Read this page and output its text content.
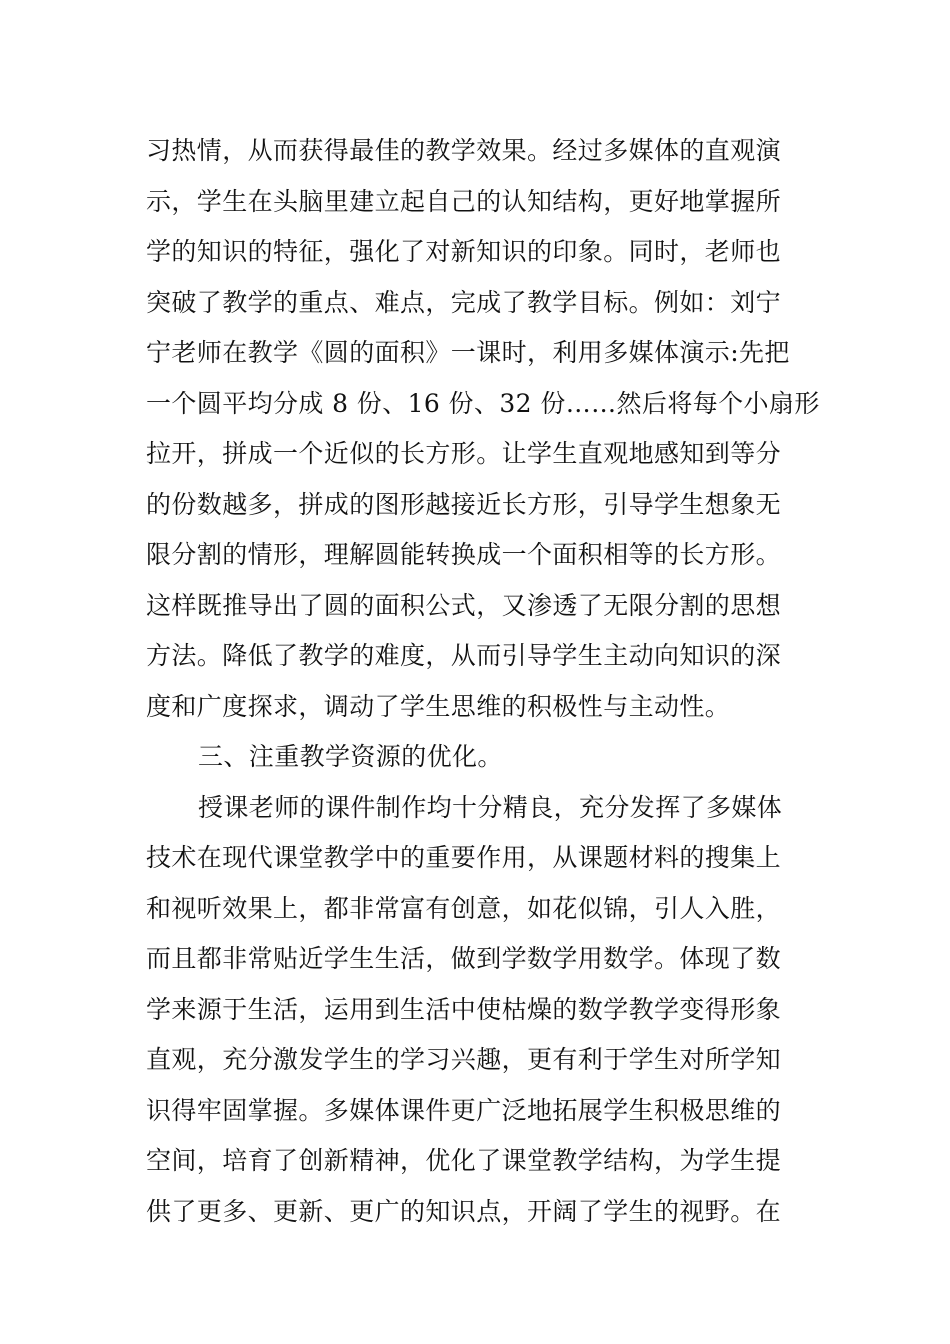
习热情，从而获得最佳的教学效果。经过多媒体的直观演
示，学生在头脑里建立起自己的认知结构，更好地掌握所
学的知识的特征，强化了对新知识的印象。同时，老师也
突破了教学的重点、难点，完成了教学目标。例如：刘宁
宁老师在教学《圆的面积》一课时，利用多媒体演示:先把
一个圆平均分成 8 份、16 份、32 份……然后将每个小扇形
拉开，拼成一个近似的长方形。让学生直观地感知到等分
的份数越多，拼成的图形越接近长方形，引导学生想象无
限分割的情形，理解圆能转换成一个面积相等的长方形。
这样既推导出了圆的面积公式，又渗透了无限分割的思想
方法。降低了教学的难度，从而引导学生主动向知识的深
度和广度探求，调动了学生思维的积极性与主动性。
三、注重教学资源的优化。
授课老师的课件制作均十分精良，充分发挥了多媒体
技术在现代课堂教学中的重要作用，从课题材料的搜集上
和视听效果上，都非常富有创意，如花似锦，引人入胜，
而且都非常贴近学生生活，做到学数学用数学。体现了数
学来源于生活，运用到生活中使枯燥的数学教学变得形象
直观，充分激发学生的学习兴趣，更有利于学生对所学知
识得牢固掌握。多媒体课件更广泛地拓展学生积极思维的
空间，培育了创新精神，优化了课堂教学结构，为学生提
供了更多、更新、更广的知识点，开阔了学生的视野。在
